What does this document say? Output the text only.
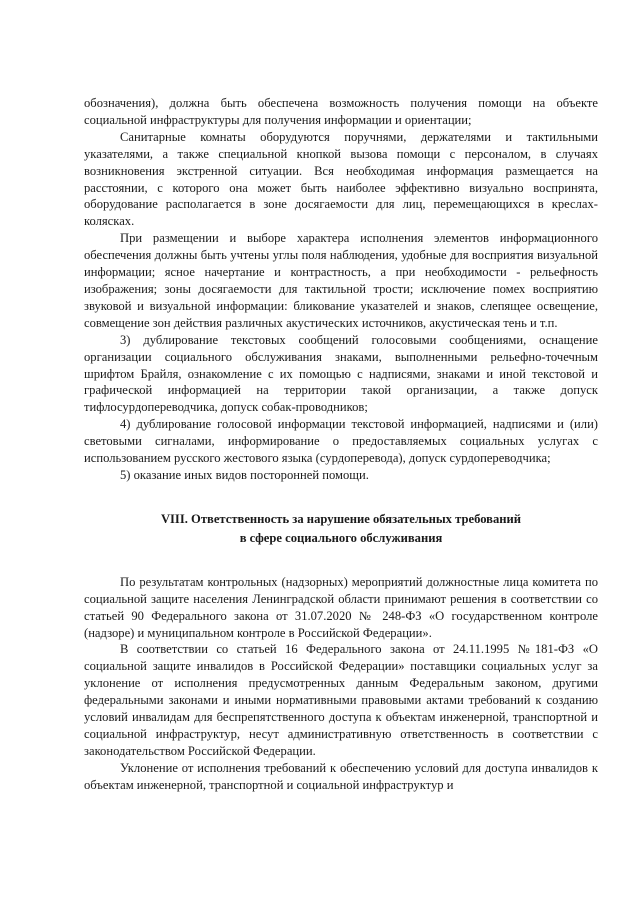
обозначения), должна быть обеспечена возможность получения помощи на объекте социальной инфраструктуры для получения информации и ориентации;

Санитарные комнаты оборудуются поручнями, держателями и тактильными указателями, а также специальной кнопкой вызова помощи с персоналом, в случаях возникновения экстренной ситуации. Вся необходимая информация размещается на расстоянии, с которого она может быть наиболее эффективно визуально воспринята, оборудование располагается в зоне досягаемости для лиц, перемещающихся в креслах-колясках.

При размещении и выборе характера исполнения элементов информационного обеспечения должны быть учтены углы поля наблюдения, удобные для восприятия визуальной информации; ясное начертание и контрастность, а при необходимости - рельефность изображения; зоны досягаемости для тактильной трости; исключение помех восприятию звуковой и визуальной информации: бликование указателей и знаков, слепящее освещение, совмещение зон действия различных акустических источников, акустическая тень и т.п.

3) дублирование текстовых сообщений голосовыми сообщениями, оснащение организации социального обслуживания знаками, выполненными рельефно-точечным шрифтом Брайля, ознакомление с их помощью с надписями, знаками и иной текстовой и графической информацией на территории такой организации, а также допуск тифлосурдопереводчика, допуск собак-проводников;

4) дублирование голосовой информации текстовой информацией, надписями и (или) световыми сигналами, информирование о предоставляемых социальных услугах с использованием русского жестового языка (сурдоперевода), допуск сурдопереводчика;

5) оказание иных видов посторонней помощи.

VIII. Ответственность за нарушение обязательных требований
в сфере социального обслуживания

По результатам контрольных (надзорных) мероприятий должностные лица комитета по социальной защите населения Ленинградской области принимают решения в соответствии со статьей 90 Федерального закона от 31.07.2020 № 248-ФЗ «О государственном контроле (надзоре) и муниципальном контроле в Российской Федерации».

В соответствии со статьей 16 Федерального закона от 24.11.1995 №181-ФЗ «О социальной защите инвалидов в Российской Федерации» поставщики социальных услуг за уклонение от исполнения предусмотренных данным Федеральным законом, другими федеральными законами и иными нормативными правовыми актами требований к созданию условий инвалидам для беспрепятственного доступа к объектам инженерной, транспортной и социальной инфраструктур, несут административную ответственность в соответствии с законодательством Российской Федерации.

Уклонение от исполнения требований к обеспечению условий для доступа инвалидов к объектам инженерной, транспортной и социальной инфраструктур и
